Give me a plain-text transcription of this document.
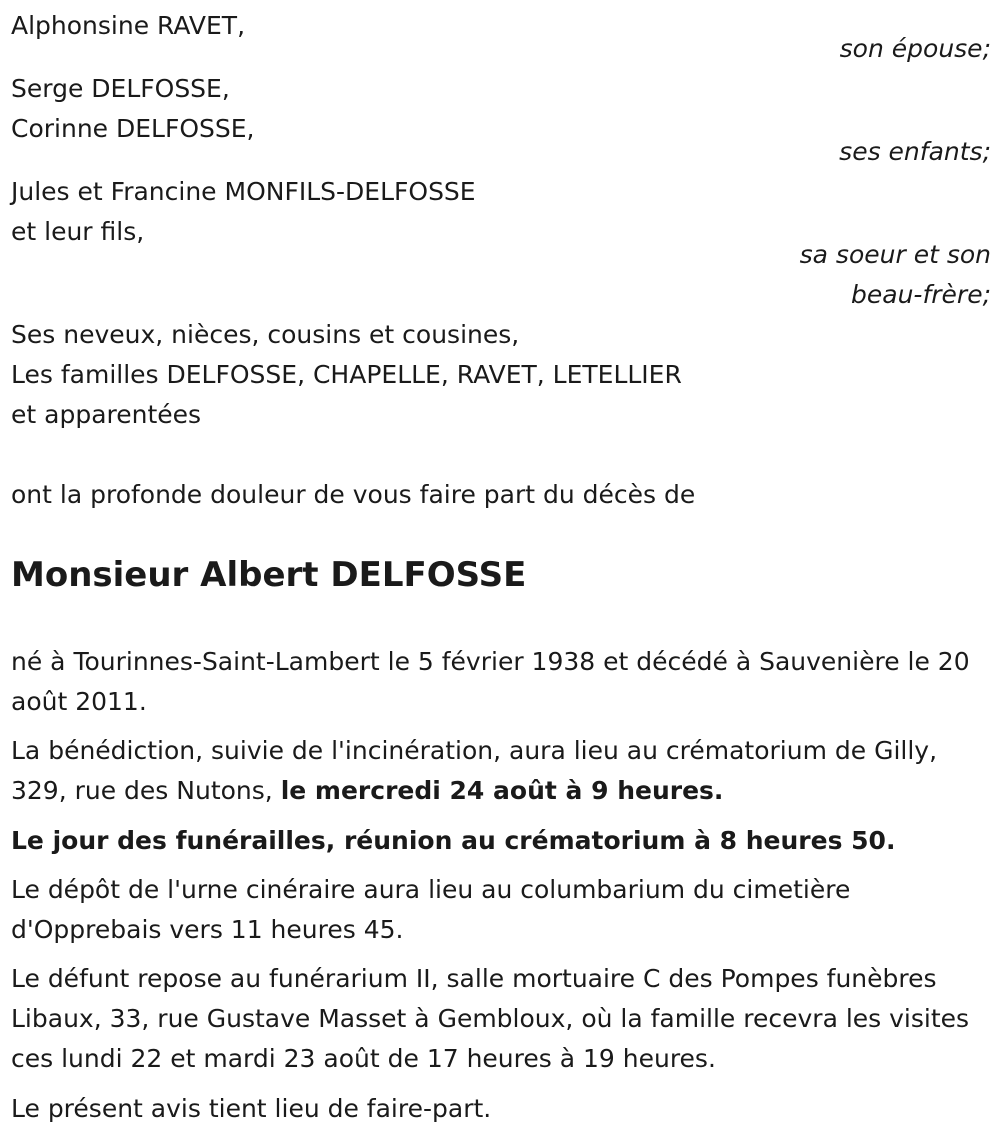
Alphonsine RAVET,
son épouse;
Serge DELFOSSE,
Corinne DELFOSSE,
ses enfants;
Jules et Francine MONFILS-DELFOSSE
et leur fils,
sa soeur et son
beau-frère;
Ses neveux, nièces, cousins et cousines,
Les familles DELFOSSE, CHAPELLE, RAVET, LETELLIER
et apparentées
ont la profonde douleur de vous faire part du décès de
Monsieur Albert DELFOSSE
né à Tourinnes-Saint-Lambert le 5 février 1938 et décédé à Sauvenière le 20 août 2011.
La bénédiction, suivie de l'incinération, aura lieu au crématorium de Gilly, 329, rue des Nutons, le mercredi 24 août à 9 heures.
Le jour des funérailles, réunion au crématorium à 8 heures 50.
Le dépôt de l'urne cinéraire aura lieu au columbarium du cimetière d'Opprebais vers 11 heures 45.
Le défunt repose au funérarium II, salle mortuaire C des Pompes funèbres Libaux, 33, rue Gustave Masset à Gembloux, où la famille recevra les visites ces lundi 22 et mardi 23 août de 17 heures à 19 heures.
Le présent avis tient lieu de faire-part.
